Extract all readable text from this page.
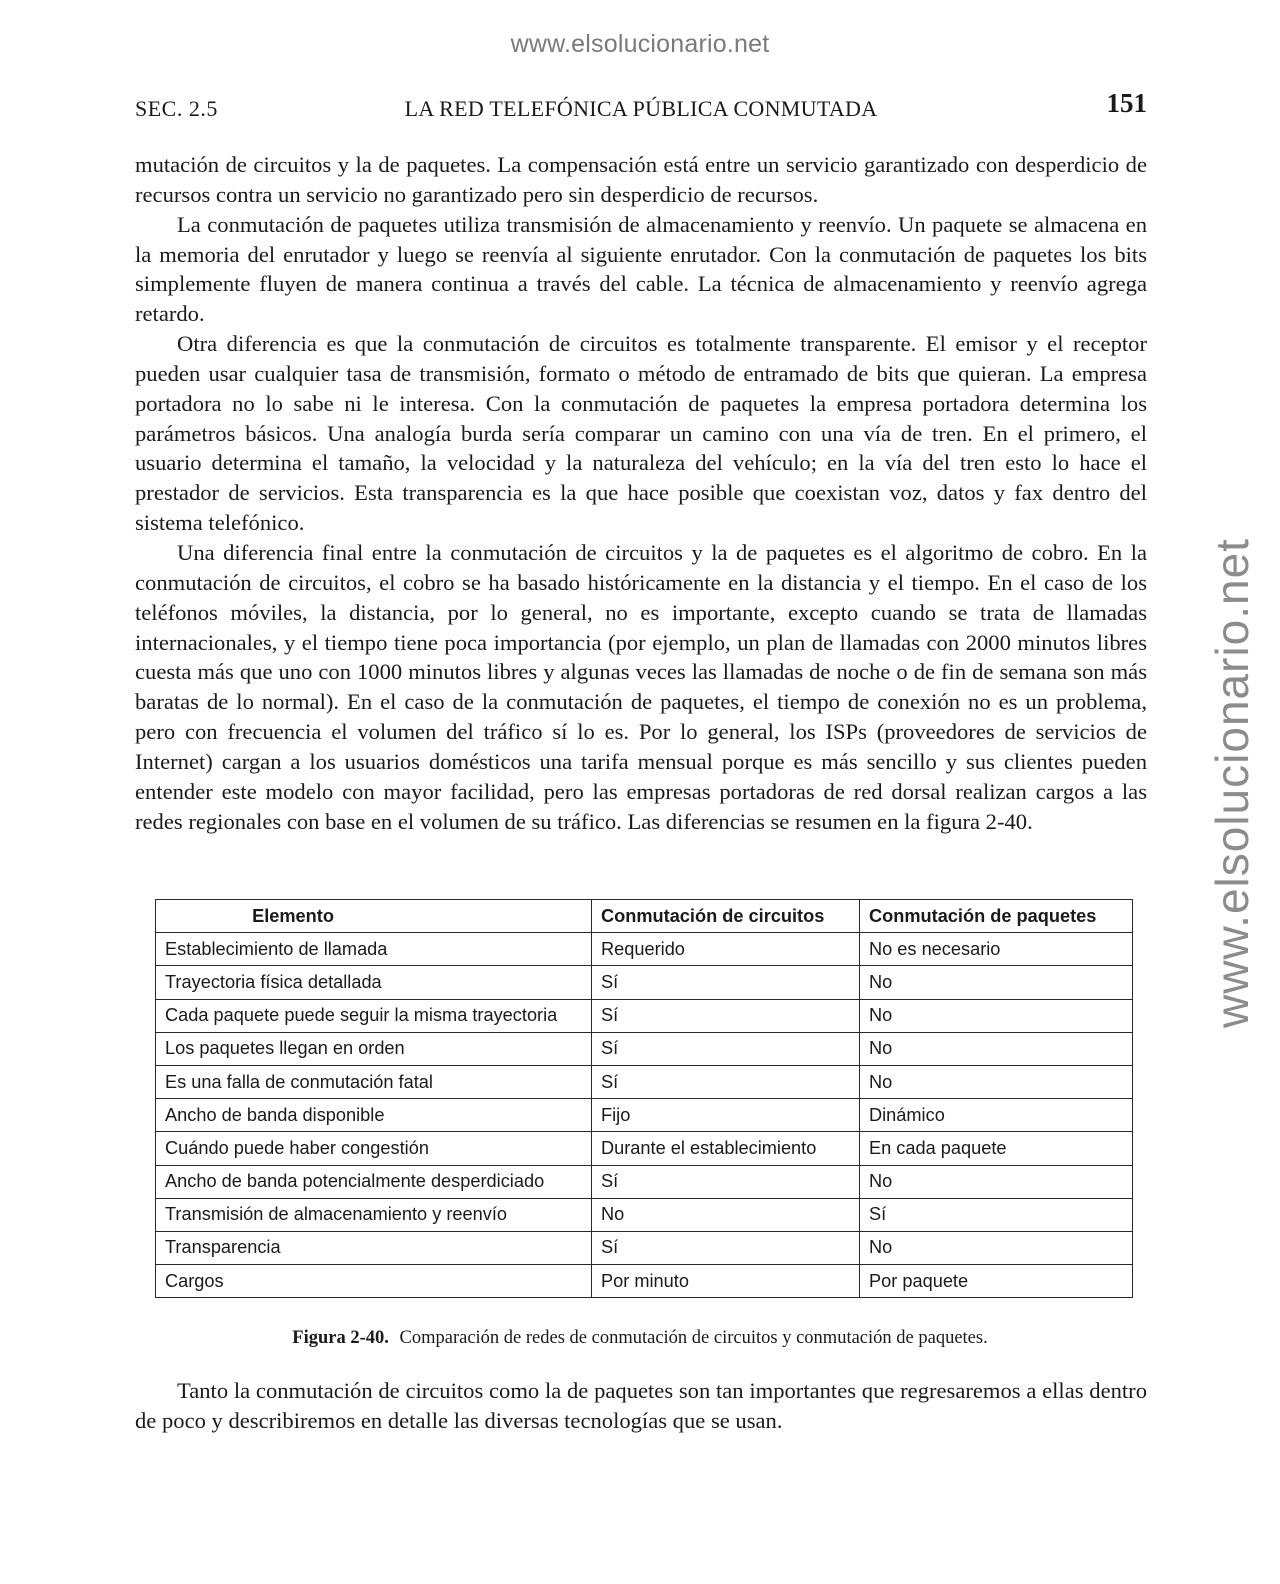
www.elsolucionario.net
www.elsolucionario.net
SEC. 2.5	LA RED TELEFÓNICA PÚBLICA CONMUTADA	151

mutación de circuitos y la de paquetes. La compensación está entre un servicio garantizado con desperdicio de recursos contra un servicio no garantizado pero sin desperdicio de recursos.

La conmutación de paquetes utiliza transmisión de almacenamiento y reenvío. Un paquete se almacena en la memoria del enrutador y luego se reenvía al siguiente enrutador. Con la conmutación de paquetes los bits simplemente fluyen de manera continua a través del cable. La técnica de almacenamiento y reenvío agrega retardo.

Otra diferencia es que la conmutación de circuitos es totalmente transparente. El emisor y el receptor pueden usar cualquier tasa de transmisión, formato o método de entramado de bits que quieran. La empresa portadora no lo sabe ni le interesa. Con la conmutación de paquetes la empresa portadora determina los parámetros básicos. Una analogía burda sería comparar un camino con una vía de tren. En el primero, el usuario determina el tamaño, la velocidad y la naturaleza del vehículo; en la vía del tren esto lo hace el prestador de servicios. Esta transparencia es la que hace posible que coexistan voz, datos y fax dentro del sistema telefónico.

Una diferencia final entre la conmutación de circuitos y la de paquetes es el algoritmo de cobro. En la conmutación de circuitos, el cobro se ha basado históricamente en la distancia y el tiempo. En el caso de los teléfonos móviles, la distancia, por lo general, no es importante, excepto cuando se trata de llamadas internacionales, y el tiempo tiene poca importancia (por ejemplo, un plan de llamadas con 2000 minutos libres cuesta más que uno con 1000 minutos libres y algunas veces las llamadas de noche o de fin de semana son más baratas de lo normal). En el caso de la conmutación de paquetes, el tiempo de conexión no es un problema, pero con frecuencia el volumen del tráfico sí lo es. Por lo general, los ISPs (proveedores de servicios de Internet) cargan a los usuarios domésticos una tarifa mensual porque es más sencillo y sus clientes pueden entender este modelo con mayor facilidad, pero las empresas portadoras de red dorsal realizan cargos a las redes regionales con base en el volumen de su tráfico. Las diferencias se resumen en la figura 2-40.

Elemento	Conmutación de circuitos	Conmutación de paquetes
Establecimiento de llamada	Requerido	No es necesario
Trayectoria física detallada	Sí	No
Cada paquete puede seguir la misma trayectoria	Sí	No
Los paquetes llegan en orden	Sí	No
Es una falla de conmutación fatal	Sí	No
Ancho de banda disponible	Fijo	Dinámico
Cuándo puede haber congestión	Durante el establecimiento	En cada paquete
Ancho de banda potencialmente desperdiciado	Sí	No
Transmisión de almacenamiento y reenvío	No	Sí
Transparencia	Sí	No
Cargos	Por minuto	Por paquete
Figura 2-40. Comparación de redes de conmutación de circuitos y conmutación de paquetes.

Tanto la conmutación de circuitos como la de paquetes son tan importantes que regresaremos a ellas dentro de poco y describiremos en detalle las diversas tecnologías que se usan.
